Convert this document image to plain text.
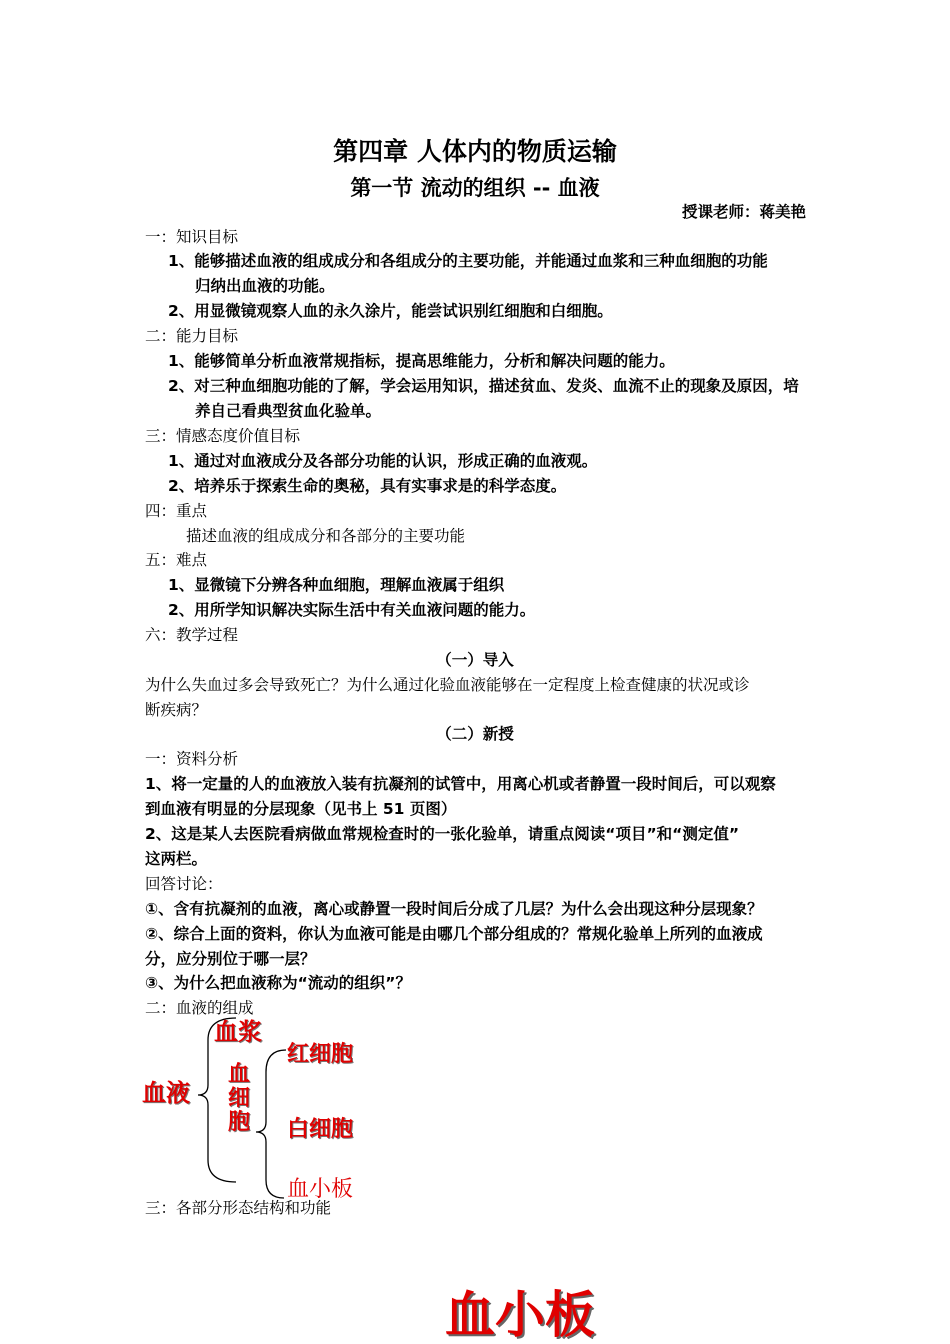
第四章 人体内的物质运输
第一节 流动的组织 -- 血液
授课老师：蒋美艳
一：知识目标
1、能够描述血液的组成成分和各组成分的主要功能，并能通过血浆和三种血细胞的功能
归纳出血液的功能。
2、用显微镜观察人血的永久涂片，能尝试识别红细胞和白细胞。
二：能力目标
1、能够简单分析血液常规指标，提高思维能力，分析和解决问题的能力。
2、对三种血细胞功能的了解，学会运用知识，描述贫血、发炎、血流不止的现象及原因，培
养自己看典型贫血化验单。
三：情感态度价值目标
1、通过对血液成分及各部分功能的认识，形成正确的血液观。
2、培养乐于探索生命的奥秘，具有实事求是的科学态度。
四：重点
描述血液的组成成分和各部分的主要功能
五：难点
1、显微镜下分辨各种血细胞，理解血液属于组织
2、用所学知识解决实际生活中有关血液问题的能力。
六：教学过程
（一）导入
为什么失血过多会导致死亡？为什么通过化验血液能够在一定程度上检查健康的状况或诊
断疾病？
（二）新授
一：资料分析
1、将一定量的人的血液放入装有抗凝剂的试管中，用离心机或者静置一段时间后，可以观察
到血液有明显的分层现象（见书上 51 页图）
2、这是某人去医院看病做血常规检查时的一张化验单，请重点阅读“项目”和“测定值”
这两栏。
回答讨论：
①、含有抗凝剂的血液，离心或静置一段时间后分成了几层？为什么会出现这种分层现象？
②、综合上面的资料，你认为血液可能是由哪几个部分组成的？常规化验单上所列的血液成
分，应分别位于哪一层？
③、为什么把血液称为“流动的组织”？
二：血液的组成
血液
血浆
血
细
胞
红细胞
白细胞
血小板
三：各部分形态结构和功能
血小板
